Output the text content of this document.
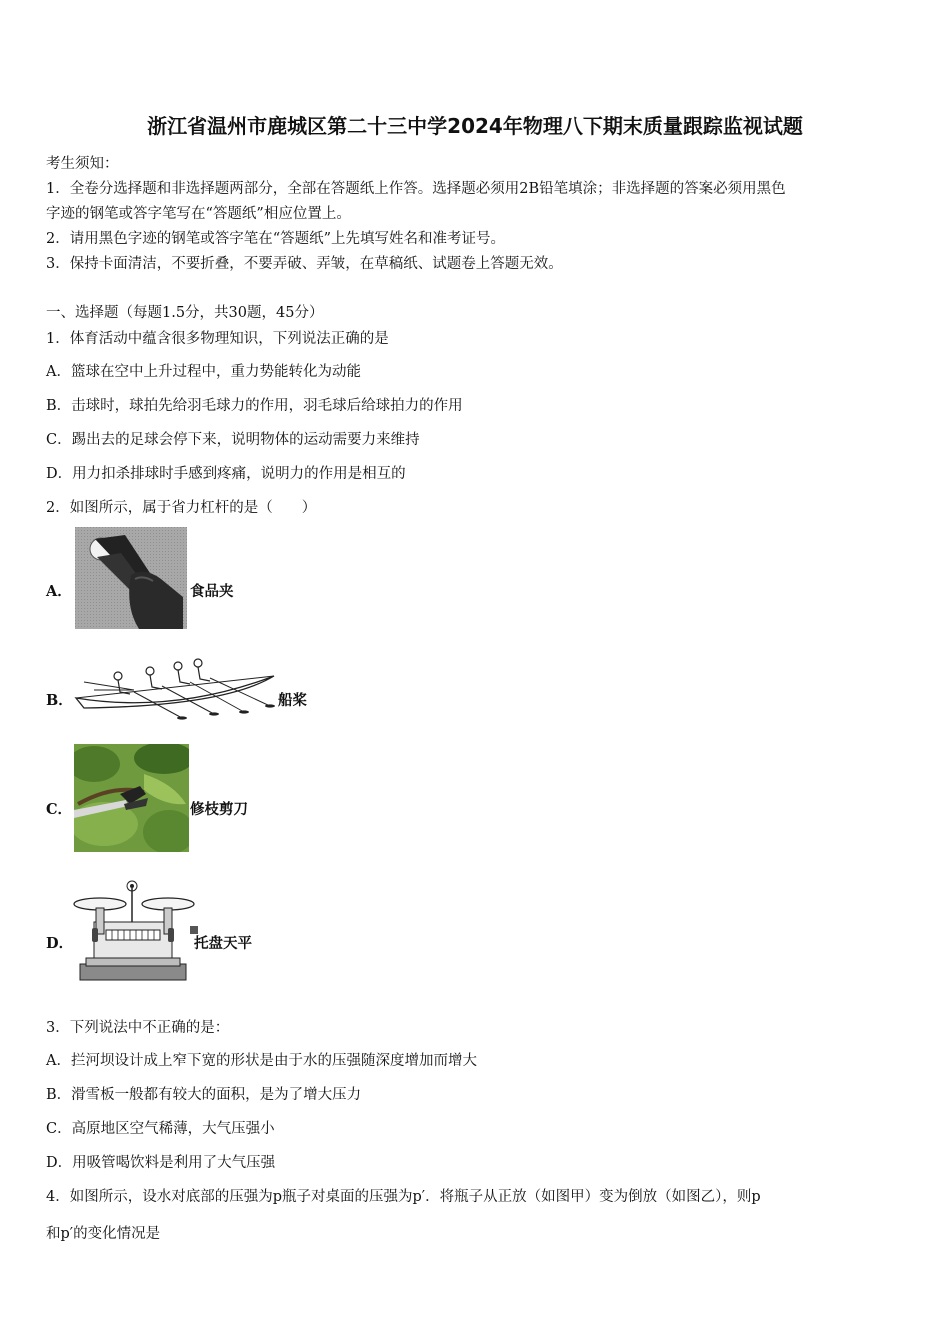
浙江省温州市鹿城区第二十三中学2024年物理八下期末质量跟踪监视试题
考生须知：
1．全卷分选择题和非选择题两部分，全部在答题纸上作答。选择题必须用2B铅笔填涂；非选择题的答案必须用黑色
字迹的钢笔或答字笔写在“答题纸”相应位置上。
2．请用黑色字迹的钢笔或答字笔在“答题纸”上先填写姓名和准考证号。
3．保持卡面清洁，不要折叠，不要弄破、弄皱，在草稿纸、试题卷上答题无效。
一、选择题（每题1.5分，共30题，45分）
1．体育活动中蕴含很多物理知识，下列说法正确的是
A．篮球在空中上升过程中，重力势能转化为动能
B．击球时，球拍先给羽毛球力的作用，羽毛球后给球拍力的作用
C．踢出去的足球会停下来，说明物体的运动需要力来维持
D．用力扣杀排球时手感到疼痛，说明力的作用是相互的
2．如图所示，属于省力杠杆的是（　　）
A．	食品夹
B．	船桨
C．	修枝剪刀
D．	托盘天平
3．下列说法中不正确的是：
A．拦河坝设计成上窄下宽的形状是由于水的压强随深度增加而增大
B．滑雪板一般都有较大的面积，是为了增大压力
C．高原地区空气稀薄，大气压强小
D．用吸管喝饮料是利用了大气压强
4．如图所示，设水对底部的压强为p瓶子对桌面的压强为p′．将瓶子从正放（如图甲）变为倒放（如图乙），则p
和p′的变化情况是
